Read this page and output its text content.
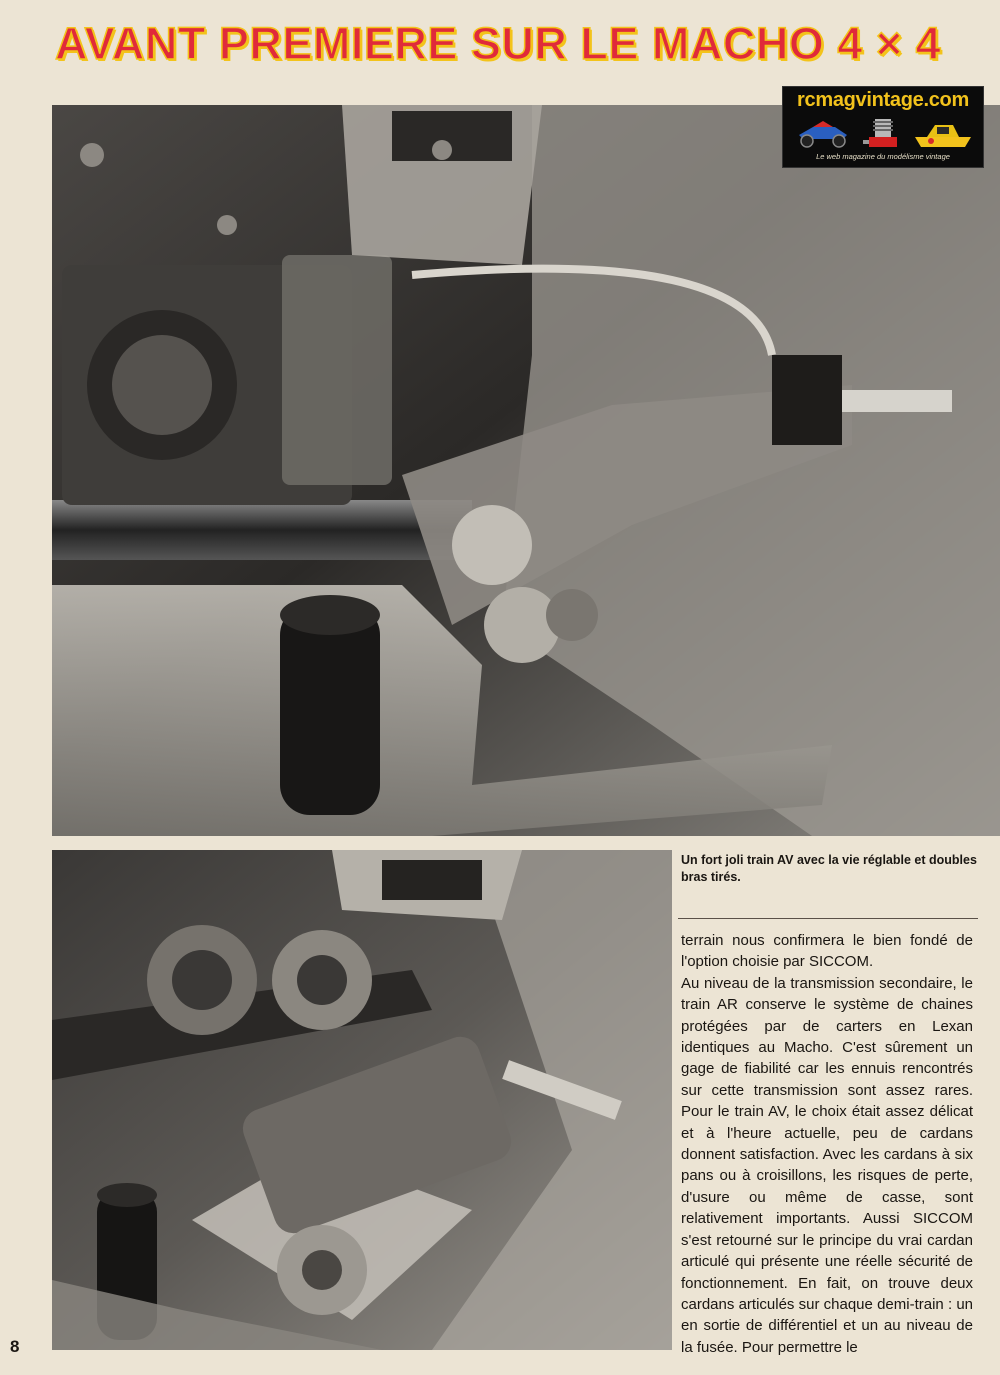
AVANT PREMIERE SUR LE MACHO 4 × 4
rcmagvintage.com
Le web magazine du modélisme vintage
Un fort joli train AV avec la vie réglable et doubles bras tirés.

terrain nous confirmera le bien fondé de l'option choisie par SICCOM.

Au niveau de la transmission secondaire, le train AR conserve le système de chaines protégées par de carters en Lexan identiques au Macho. C'est sûrement un gage de fiabilité car les ennuis rencontrés sur cette transmission sont assez rares. Pour le train AV, le choix était assez délicat et à l'heure actuelle, peu de cardans donnent satisfaction. Avec les cardans à six pans ou à croisillons, les risques de perte, d'usure ou même de casse, sont relativement importants. Aussi SICCOM s'est retourné sur le principe du vrai cardan articulé qui présente une réelle sécurité de fonctionnement. En fait, on trouve deux cardans articulés sur chaque demi-train : un en sortie de différentiel et un au niveau de la fusée. Pour permettre le

8
